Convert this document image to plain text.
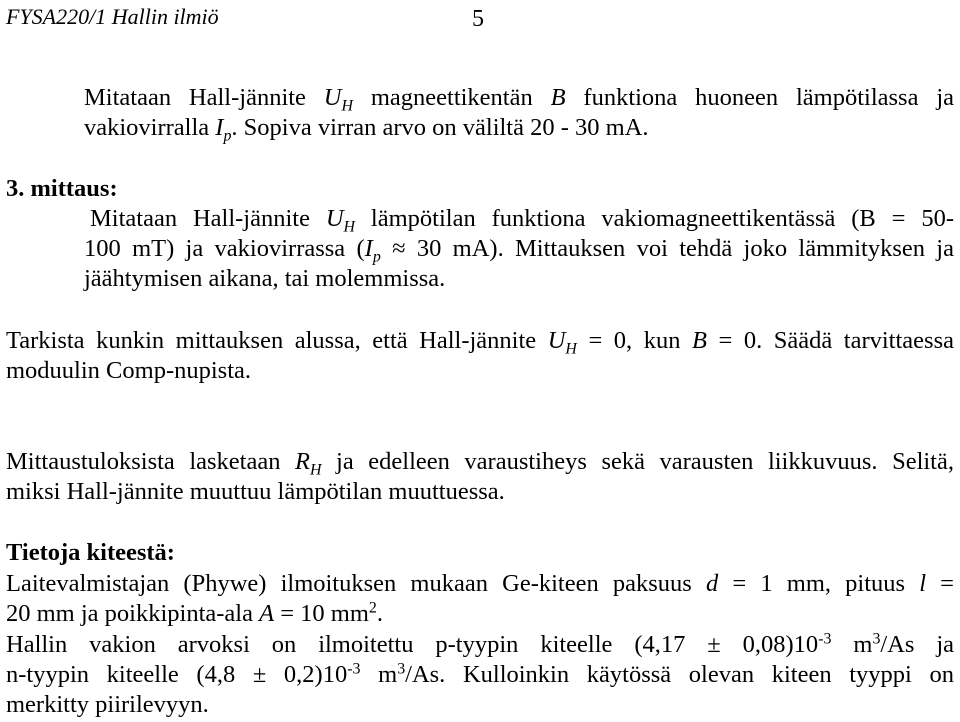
FYSA220/1 Hallin ilmiö	5
Mitataan Hall-jännite $U_H$ magneettikentän B funktiona huoneen lämpötilassa ja
vakiovirralla $I_p$. Sopiva virran arvo on väliltä 20 - 30 mA.
3. mittaus:
Mitataan Hall-jännite $U_H$ lämpötilan funktiona vakiomagneettikentässä (B = 50-
100 mT) ja vakiovirrassa ($I_p \approx 30$ mA). Mittauksen voi tehdä joko lämmityksen ja
jäähtymisen aikana, tai molemmissa.
Tarkista kunkin mittauksen alussa, että Hall-jännite $U_H = 0$, kun B = 0. Säädä tarvittaessa
moduulin Comp-nupista.
Mittaustuloksista lasketaan $R_H$ ja edelleen varaustiheys sekä varausten liikkuvuus. Selitä,
miksi Hall-jännite muuttuu lämpötilan muuttuessa.
Tietoja kiteestä:
Laitevalmistajan (Phywe) ilmoituksen mukaan Ge-kiteen paksuus d = 1 mm, pituus l =
20 mm ja poikkipinta-ala A = 10 $mm^2$.
Hallin vakion arvoksi on ilmoitettu p-tyypin kiteelle $(4,17 \pm 0,08)10^{-3}$ $m^3/As$ ja
n-tyypin kiteelle $(4,8 \pm 0,2)10^{-3}$ $m^3/As$. Kulloinkin käytössä olevan kiteen tyyppi on
merkitty piirilevyyn.
